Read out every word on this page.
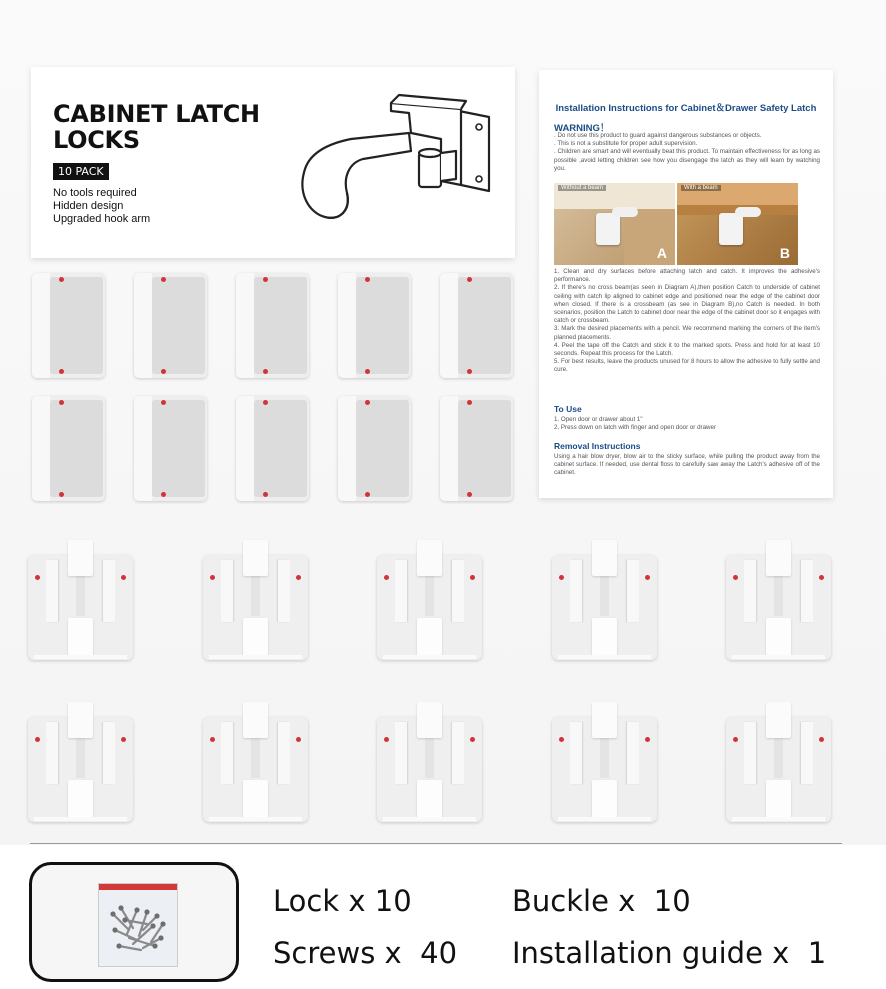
CABINET LATCH
LOCKS
10 PACK
No tools required
Hidden design
Upgraded hook arm
Installation Instructions for Cabinet＆Drawer Safety Latch
WARNING！
. Do not use this product to guard against dangerous substances or objects.
. This is not a substitute for proper adult supervision.
. Children are smart and will eventually beat this product. To maintain effectiveness for as long as possible ,avoid letting children see how you disengage the latch as they will learn by watching you.
Without a beam
A
With a beam
B
1. Clean and dry surfaces before attaching latch and catch. It improves the adhesive's performance.
2. If there's no cross beam(as seen in Diagram A),then position Catch to underside of cabinet ceiling with catch lip aligned to cabinet edge and positioned near the edge of the cabinet door when closed. If there is a crossbeam (as see in Diagram B),no Catch is needed. In both scenarios, position the Latch to cabinet door near the edge of the cabinet door so it engages with catch or crossbeam.
3. Mark the desired placements with a pencil. We recommend marking the corners of the item's planned placements.
4. Peel the tape off the Catch and stick it to the marked spots. Press and hold for at least 10 seconds. Repeat this process for the Latch.
5. For best results, leave the products unused for 8 hours to allow the adhesive to fully settle and cure.
To Use
1. Open door or drawer about 1"
2. Press down on latch with finger and open door or drawer
Removal Instructions
Using a hair blow dryer, blow air to the sticky surface, while pulling the product away from the cabinet surface. If needed, use dental floss to carefully saw away the Latch's adhesive off of the cabinet.
Lock x 10	Buckle x  10
Screws x  40 Installation guide x  1
